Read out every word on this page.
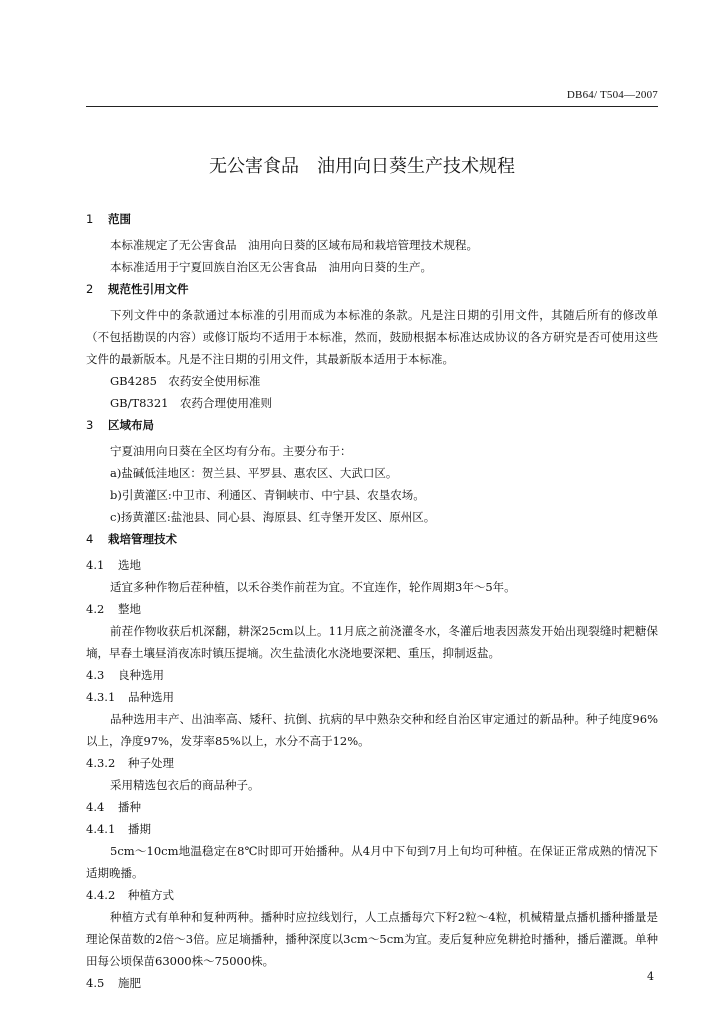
DB64/ T504—2007
无公害食品　油用向日葵生产技术规程
1 范围
本标准规定了无公害食品　油用向日葵的区域布局和栽培管理技术规程。
本标准适用于宁夏回族自治区无公害食品　油用向日葵的生产。
2 规范性引用文件
下列文件中的条款通过本标准的引用而成为本标准的条款。凡是注日期的引用文件，其随后所有的修改单（不包括勘误的内容）或修订版均不适用于本标准，然而，鼓励根据本标准达成协议的各方研究是否可使用这些文件的最新版本。凡是不注日期的引用文件，其最新版本适用于本标准。
GB4285　农药安全使用标准
GB/T8321　农药合理使用准则
3 区域布局
宁夏油用向日葵在全区均有分布。主要分布于：
a)盐碱低洼地区：贺兰县、平罗县、惠农区、大武口区。
b)引黄灌区:中卫市、利通区、青铜峡市、中宁县、农垦农场。
c)扬黄灌区:盐池县、同心县、海原县、红寺堡开发区、原州区。
4 栽培管理技术
4.1 选地
适宜多种作物后茬种植，以禾谷类作前茬为宜。不宜连作，轮作周期3年～5年。
4.2 整地
前茬作物收获后机深翻，耕深25cm以上。11月底之前浇灌冬水，冬灌后地表因蒸发开始出现裂缝时耙糖保墒，早春土壤昼消夜冻时镇压提墒。次生盐渍化水浇地要深耙、重压，抑制返盐。
4.3 良种选用
4.3.1 品种选用
品种选用丰产、出油率高、矮秆、抗倒、抗病的早中熟杂交种和经自治区审定通过的新品种。种子纯度96%以上，净度97%，发芽率85%以上，水分不高于12%。
4.3.2 种子处理
采用精选包衣后的商品种子。
4.4 播种
4.4.1 播期
5cm～10cm地温稳定在8℃时即可开始播种。从4月中下旬到7月上旬均可种植。在保证正常成熟的情况下适期晚播。
4.4.2 种植方式
种植方式有单种和复种两种。播种时应拉线划行，人工点播每穴下籽2粒～4粒，机械精量点播机播种播量是理论保苗数的2倍～3倍。应足墒播种，播种深度以3cm～5cm为宜。麦后复种应免耕抢时播种，播后灌溉。单种田每公顷保苗63000株～75000株。
4.5 施肥	4
